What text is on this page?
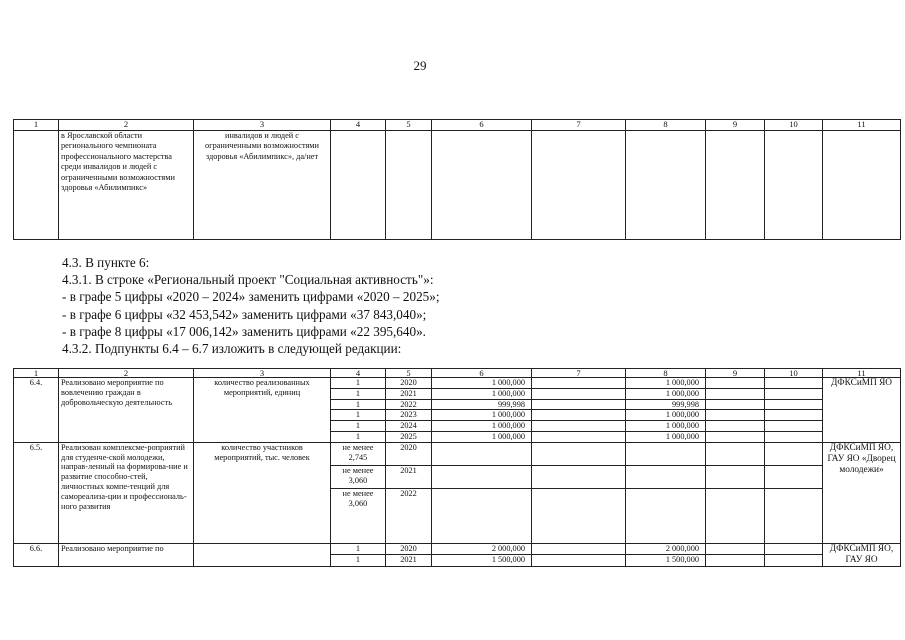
29
1	2	3	4	5	6	7	8	9	10	11
	в Ярославской области регионального чемпионата профессионального мастерства среди инвалидов и людей с ограниченными возможностями здоровья «Абилимпикс»	инвалидов и людей с ограниченными возможностями здоровья «Абилимпикс», да/нет								
4.3. В пункте 6:
4.3.1. В строке «Региональный проект "Социальная активность"»:
- в графе 5 цифры «2020 – 2024» заменить цифрами «2020 – 2025»;
- в графе 6 цифры «32 453,542» заменить цифрами «37 843,040»;
- в графе 8 цифры «17 006,142» заменить цифрами «22 395,640».
4.3.2. Подпункты 6.4 – 6.7 изложить в следующей редакции:
1	2	3	4	5	6	7	8	9	10	11
6.4.	Реализовано мероприятие по вовлечению граждан в добровольческую деятельность	количество реализованных мероприятий, единиц	1	2020	1 000,000		1 000,000			ДФКСиМП ЯО
			1	2021	1 000,000		1 000,000			
			1	2022	999,998		999,998			
			1	2023	1 000,000		1 000,000			
			1	2024	1 000,000		1 000,000			
			1	2025	1 000,000		1 000,000			
6.5.	Реализован комплексме-роприятий для студенче-ской молодежи, направ-ленный на формирова-ние и развитие способно-стей, личностных компе-тенций для самореализа-ции и профессиональ-ного развития	количество участников мероприятий, тыс. человек	не менее 2,745	2020						ДФКСиМП ЯО, ГАУ ЯО «Дворец молодежи»
			не менее 3,060	2021						
			не менее 3,060	2022						
6.6.	Реализовано мероприятие по		1	2020	2 000,000		2 000,000			ДФКСиМП ЯО, ГАУ ЯО
			1	2021	1 500,000		1 500,000			
